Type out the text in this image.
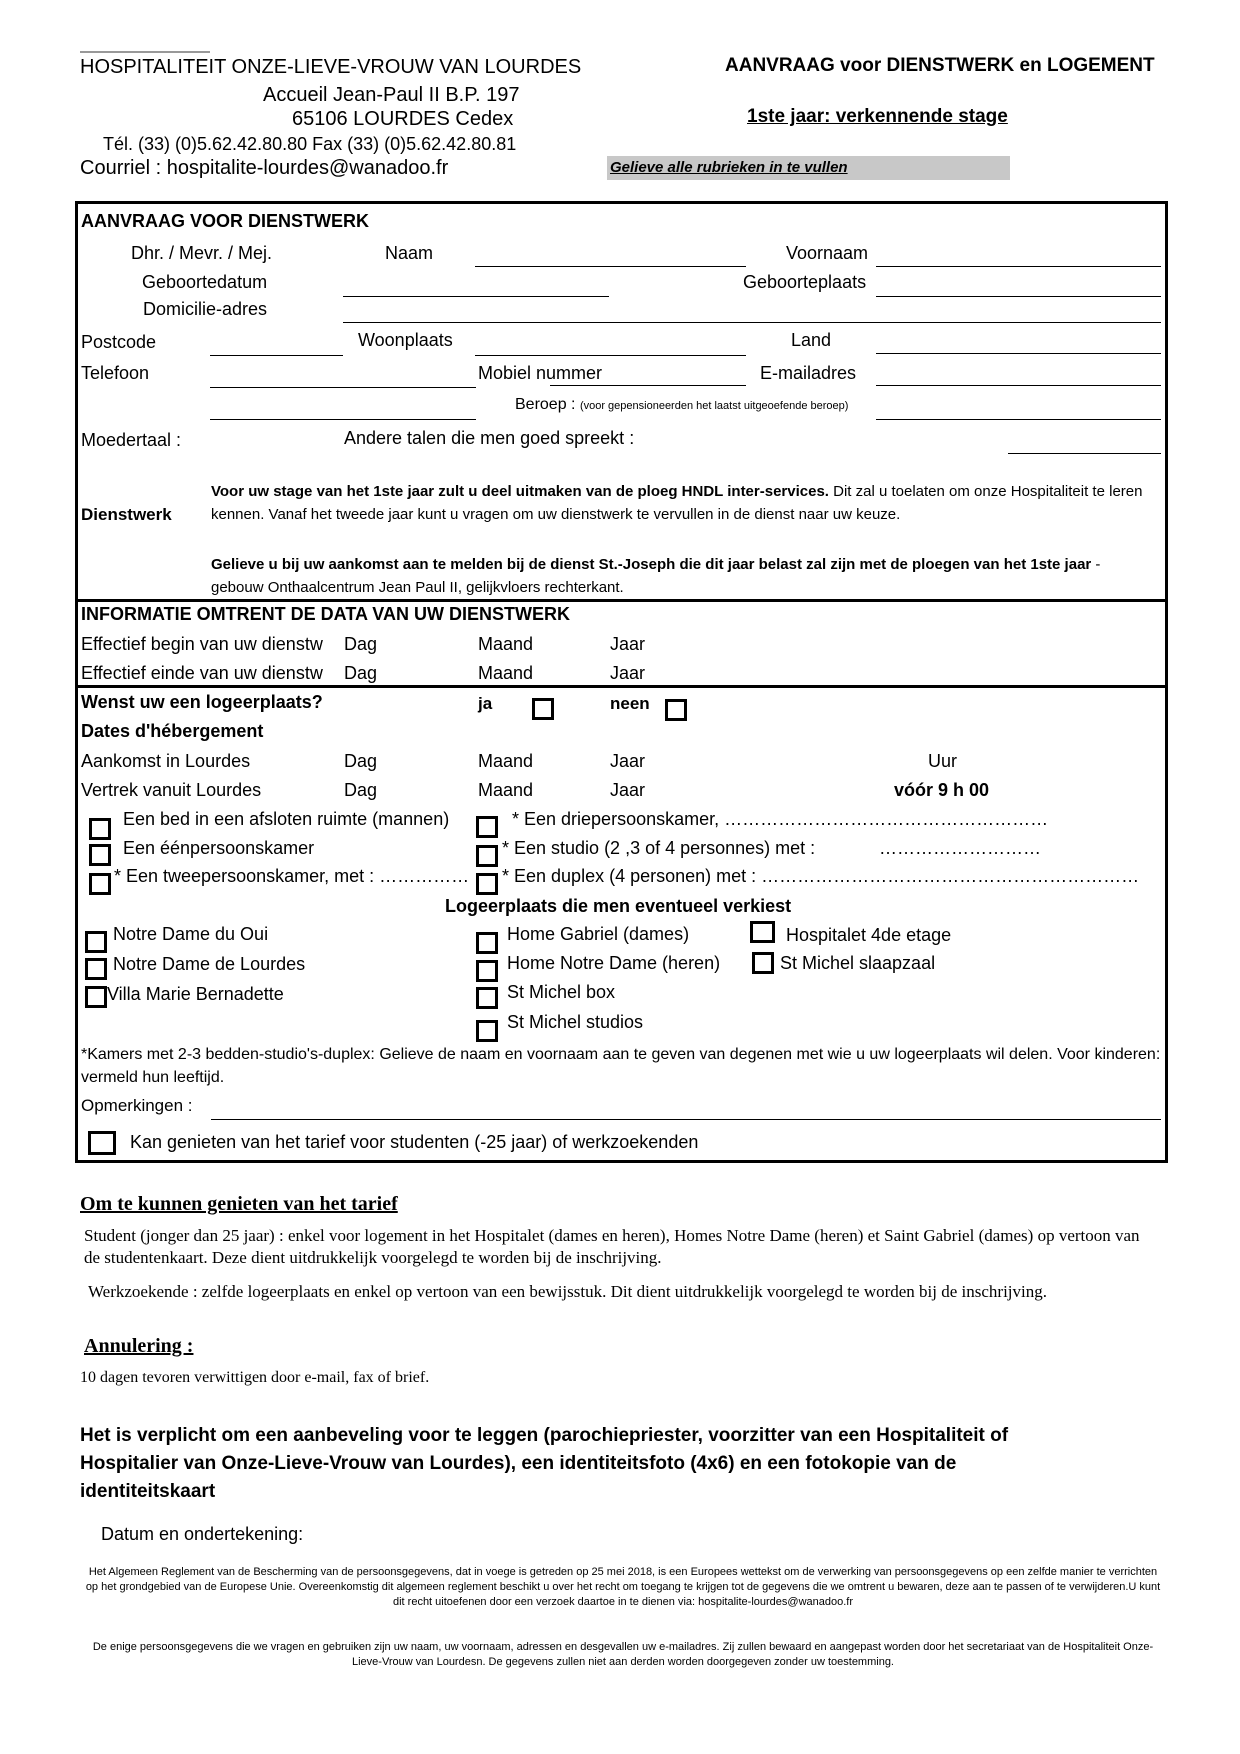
HOSPITALITEIT ONZE-LIEVE-VROUW VAN LOURDES
Accueil Jean-Paul II B.P. 197
65106 LOURDES Cedex
Tél. (33) (0)5.62.42.80.80 Fax (33) (0)5.62.42.80.81
Courriel : hospitalite-lourdes@wanadoo.fr
AANVRAAG voor DIENSTWERK en LOGEMENT
1ste jaar: verkennende stage
Gelieve alle rubrieken in te vullen
AANVRAAG VOOR DIENSTWERK
Dhr. / Mevr. / Mej.	Naam	Voornaam
Geboortedatum	Geboorteplaats
Domicilie-adres
Postcode	Woonplaats	Land
Telefoon	Mobiel nummer	E-mailadres
Beroep : (voor gepensioneerden het laatst uitgeoefende beroep)
Moedertaal :	Andere talen die men goed spreekt :
Dienstwerk
Voor uw stage van het 1ste jaar zult u deel uitmaken van de ploeg HNDL inter-services. Dit zal u toelaten om onze Hospitaliteit te leren kennen. Vanaf het tweede jaar kunt u vragen om uw dienstwerk te vervullen in de dienst naar uw keuze.
Gelieve u bij uw aankomst aan te melden bij de dienst St.-Joseph die dit jaar belast zal zijn met de ploegen van het 1ste jaar - gebouw Onthaalcentrum Jean Paul II, gelijkvloers rechterkant.
INFORMATIE OMTRENT DE DATA VAN UW DIENSTWERK
Effectief begin van uw dienstw	Dag	Maand	Jaar
Effectief einde van uw dienstw	Dag	Maand	Jaar
Wenst uw een logeerplaats?	ja	neen
Dates d'hébergement
Aankomst in Lourdes	Dag	Maand	Jaar	Uur
Vertrek vanuit Lourdes	Dag	Maand	Jaar	vóór 9 h 00
Een bed in een afsloten ruimte (mannen)	* Een driepersoonskamer, ………………………………………………
Een éénpersoonskamer	* Een studio (2 ,3 of 4 personnes) met :	………………………
* Een tweepersoonskamer, met : …………… * Een duplex (4 personen) met : ………………………………………………………
Logeerplaats die men eventueel verkiest
Notre Dame du Oui
Notre Dame de Lourdes
Villa Marie Bernadette
Home Gabriel (dames)
Home Notre Dame (heren)
St Michel box
St Michel studios
Hospitalet 4de etage
St Michel slaapzaal
*Kamers met 2-3 bedden-studio's-duplex: Gelieve de naam en voornaam aan te geven van degenen met wie u uw logeerplaats wil delen. Voor kinderen: vermeld hun leeftijd.
Opmerkingen :
Kan genieten van het tarief voor studenten (-25 jaar) of werkzoekenden
Om te kunnen genieten van het tarief
Student (jonger dan 25 jaar) : enkel voor logement in het Hospitalet (dames en heren), Homes Notre Dame (heren) et Saint Gabriel (dames) op vertoon van de studentenkaart. Deze dient uitdrukkelijk voorgelegd te worden bij de inschrijving.
Werkzoekende : zelfde logeerplaats en enkel op vertoon van een bewijsstuk. Dit dient uitdrukkelijk voorgelegd te worden bij de inschrijving.
Annulering :
10 dagen tevoren verwittigen door e-mail, fax of brief.
Het is verplicht om een aanbeveling voor te leggen (parochiepriester, voorzitter van een Hospitaliteit of Hospitalier van Onze-Lieve-Vrouw van Lourdes), een identiteitsfoto (4x6) en een fotokopie van de identiteitskaart
Datum en ondertekening:
Het Algemeen Reglement van de Bescherming van de persoonsgegevens, dat in voege is getreden op 25 mei 2018, is een Europees wettekst om de verwerking van persoonsgegevens op een zelfde manier te verrichten op het grondgebied van de Europese Unie. Overeenkomstig dit algemeen reglement beschikt u over het recht om toegang te krijgen tot de gegevens die we omtrent u bewaren, deze aan te passen of te verwijderen.U kunt dit recht uitoefenen door een verzoek daartoe in te dienen via: hospitalite-lourdes@wanadoo.fr
De enige persoonsgegevens die we vragen en gebruiken zijn uw naam, uw voornaam, adressen en desgevallen uw e-mailadres. Zij zullen bewaard en aangepast worden door het secretariaat van de Hospitaliteit Onze-Lieve-Vrouw van Lourdesn. De gegevens zullen niet aan derden worden doorgegeven zonder uw toestemming.
